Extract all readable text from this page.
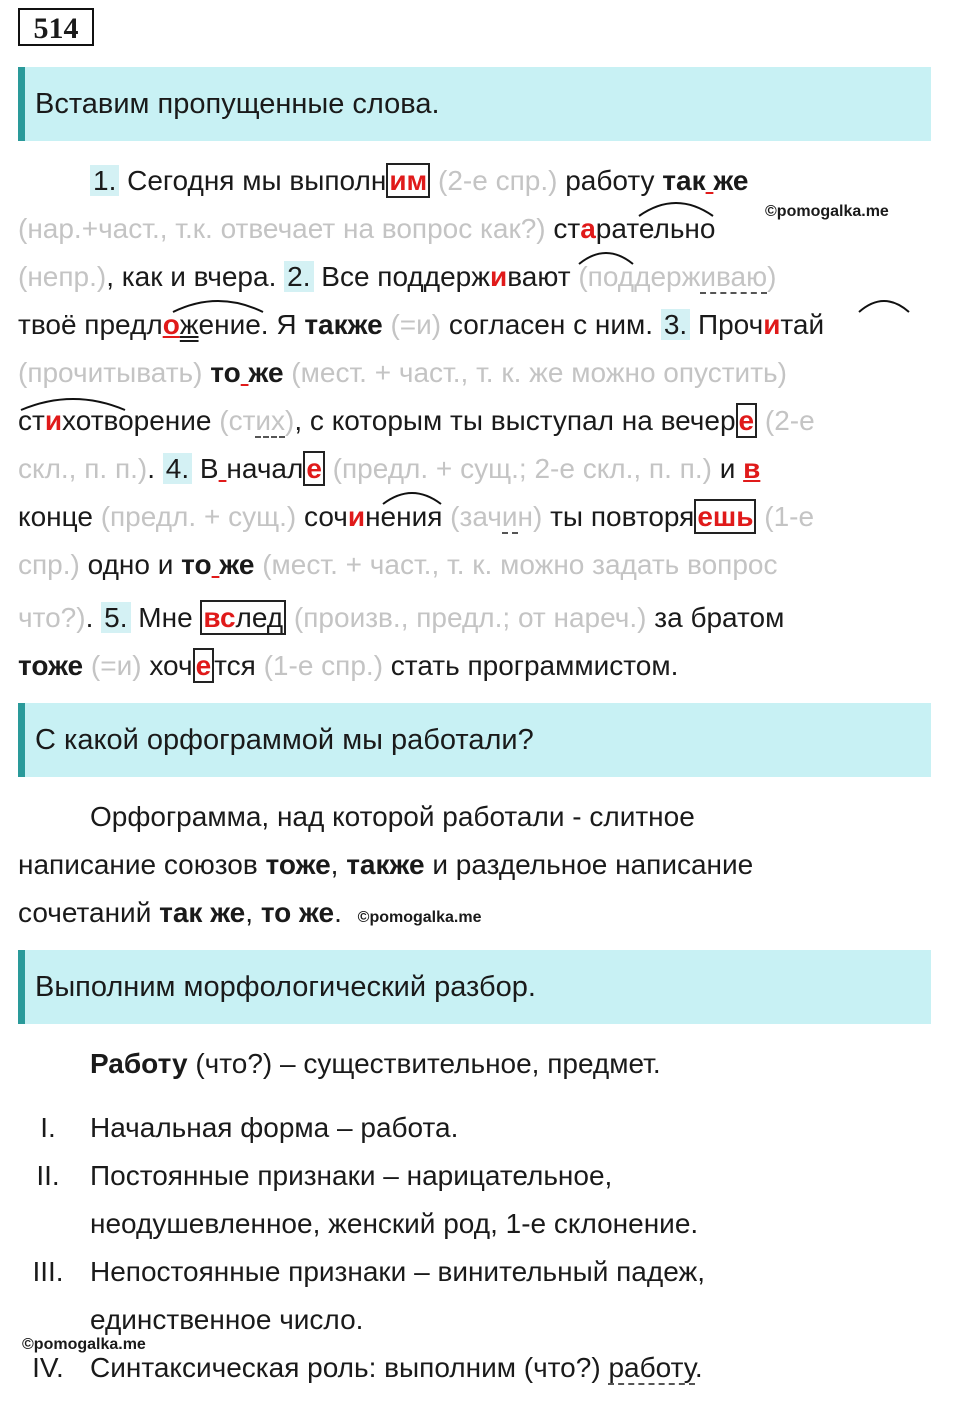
514
Вставим пропущенные слова.
1. Сегодня мы выполн им (2-е спр.) работу так же
©pomogalka.me
(нар.+част., т.к. отвечает на вопрос как?) старательно
(непр.), как и вчера. 2. Все поддерживают (поддерживаю)
твоё предложение. Я также (=и) согласен с ним. 3. Прочитай
(прочитывать) то же (мест. + част., т. к. же можно опустить)
стихотворение (стих), с которым ты выступал на вечер е (2-е
скл., п. п.). 4. В начал е (предл. + сущ.; 2-е скл., п. п.) и в
конце (предл. + сущ.) сочинения (зачин) ты повторя ешь (1-е
спр.) одно и то же (мест. + част., т. к. можно задать вопрос
что?). 5. Мне вслед (произв., предл.; от нареч.) за братом
тоже (=и) хоч е тся (1-е спр.) стать программистом.
С какой орфограммой мы работали?
Орфограмма, над которой работали - слитное
написание союзов тоже, также и раздельное написание
сочетаний так же, то же. ©pomogalka.me
Выполним морфологический разбор.
Работу (что?) – существительное, предмет.
I.	Начальная форма – работа.
II.	Постоянные признаки – нарицательное,
неодушевленное, женский род, 1-е склонение.
III. Непостоянные признаки – винительный падеж,
единственное число.
©pomogalka.me
IV. Синтаксическая роль: выполним (что?) работу.
